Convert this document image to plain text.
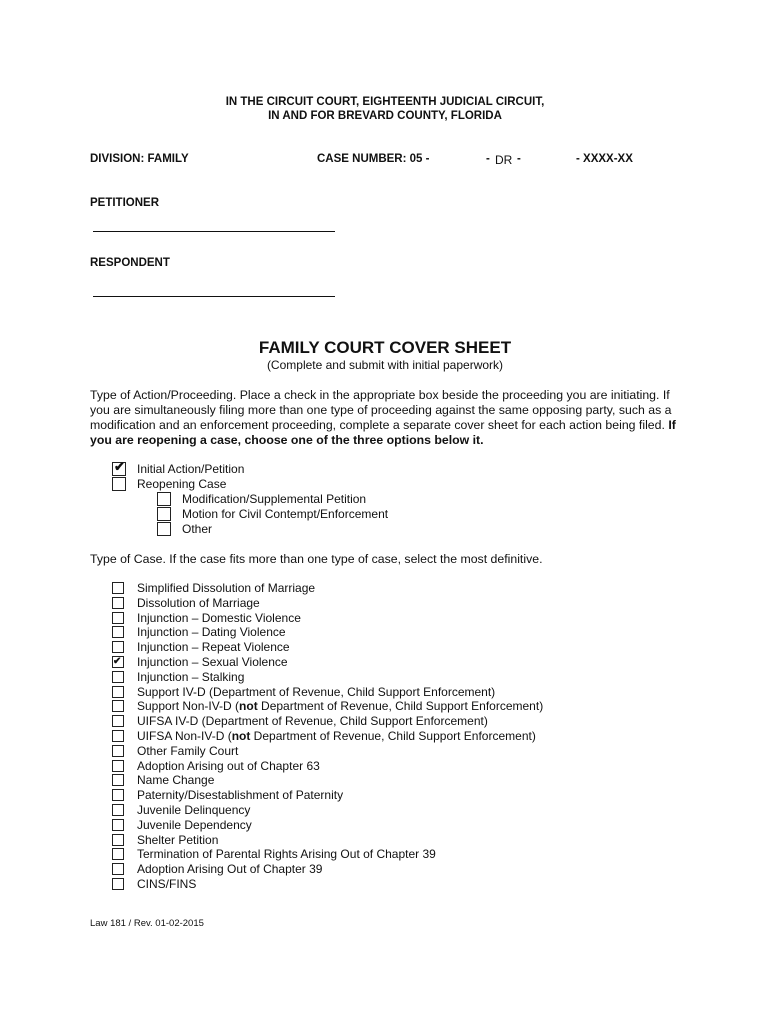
IN THE CIRCUIT COURT, EIGHTEENTH JUDICIAL CIRCUIT,
IN AND FOR BREVARD COUNTY, FLORIDA
DIVISION: FAMILY	CASE NUMBER: 05 -	- DR -	- XXXX-XX
PETITIONER
RESPONDENT
FAMILY COURT COVER SHEET
(Complete and submit with initial paperwork)
Type of Action/Proceeding. Place a check in the appropriate box beside the proceeding you are initiating. If you are simultaneously filing more than one type of proceeding against the same opposing party, such as a modification and an enforcement proceeding, complete a separate cover sheet for each action being filed. If you are reopening a case, choose one of the three options below it.
✔ Initial Action/Petition
Reopening Case
Modification/Supplemental Petition
Motion for Civil Contempt/Enforcement
Other
Type of Case. If the case fits more than one type of case, select the most definitive.
Simplified Dissolution of Marriage
Dissolution of Marriage
Injunction – Domestic Violence
Injunction – Dating Violence
Injunction – Repeat Violence
✔ Injunction – Sexual Violence
Injunction – Stalking
Support IV-D (Department of Revenue, Child Support Enforcement)
Support Non-IV-D (not Department of Revenue, Child Support Enforcement)
UIFSA IV-D (Department of Revenue, Child Support Enforcement)
UIFSA Non-IV-D (not Department of Revenue, Child Support Enforcement)
Other Family Court
Adoption Arising out of Chapter 63
Name Change
Paternity/Disestablishment of Paternity
Juvenile Delinquency
Juvenile Dependency
Shelter Petition
Termination of Parental Rights Arising Out of Chapter 39
Adoption Arising Out of Chapter 39
CINS/FINS
Law 181 / Rev. 01-02-2015
